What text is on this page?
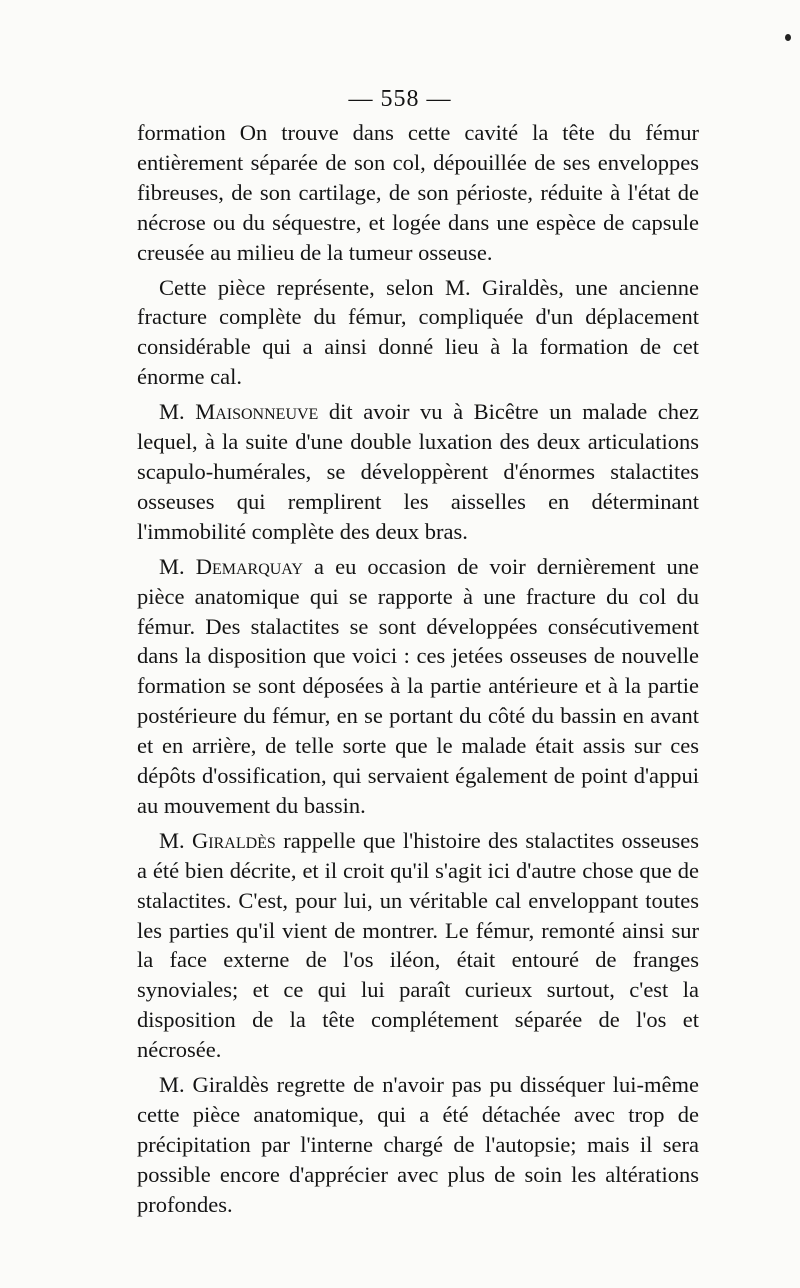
— 558 —

formation On trouve dans cette cavité la tête du fémur entièrement séparée de son col, dépouillée de ses enveloppes fibreuses, de son cartilage, de son périoste, réduite à l'état de nécrose ou du séquestre, et logée dans une espèce de capsule creusée au milieu de la tumeur osseuse.

Cette pièce représente, selon M. Giraldès, une ancienne fracture complète du fémur, compliquée d'un déplacement considérable qui a ainsi donné lieu à la formation de cet énorme cal.

M. Maisonneuve dit avoir vu à Bicêtre un malade chez lequel, à la suite d'une double luxation des deux articulations scapulo-humérales, se développèrent d'énormes stalactites osseuses qui remplirent les aisselles en déterminant l'immobilité complète des deux bras.

M. Demarquay a eu occasion de voir dernièrement une pièce anatomique qui se rapporte à une fracture du col du fémur. Des stalactites se sont développées consécutivement dans la disposition que voici : ces jetées osseuses de nouvelle formation se sont déposées à la partie antérieure et à la partie postérieure du fémur, en se portant du côté du bassin en avant et en arrière, de telle sorte que le malade était assis sur ces dépôts d'ossification, qui servaient également de point d'appui au mouvement du bassin.

M. Giraldès rappelle que l'histoire des stalactites osseuses a été bien décrite, et il croit qu'il s'agit ici d'autre chose que de stalactites. C'est, pour lui, un véritable cal enveloppant toutes les parties qu'il vient de montrer. Le fémur, remonté ainsi sur la face externe de l'os iléon, était entouré de franges synoviales; et ce qui lui paraît curieux surtout, c'est la disposition de la tête complétement séparée de l'os et nécrosée.

M. Giraldès regrette de n'avoir pas pu disséquer lui-même cette pièce anatomique, qui a été détachée avec trop de précipitation par l'interne chargé de l'autopsie; mais il sera possible encore d'apprécier avec plus de soin les altérations profondes.
